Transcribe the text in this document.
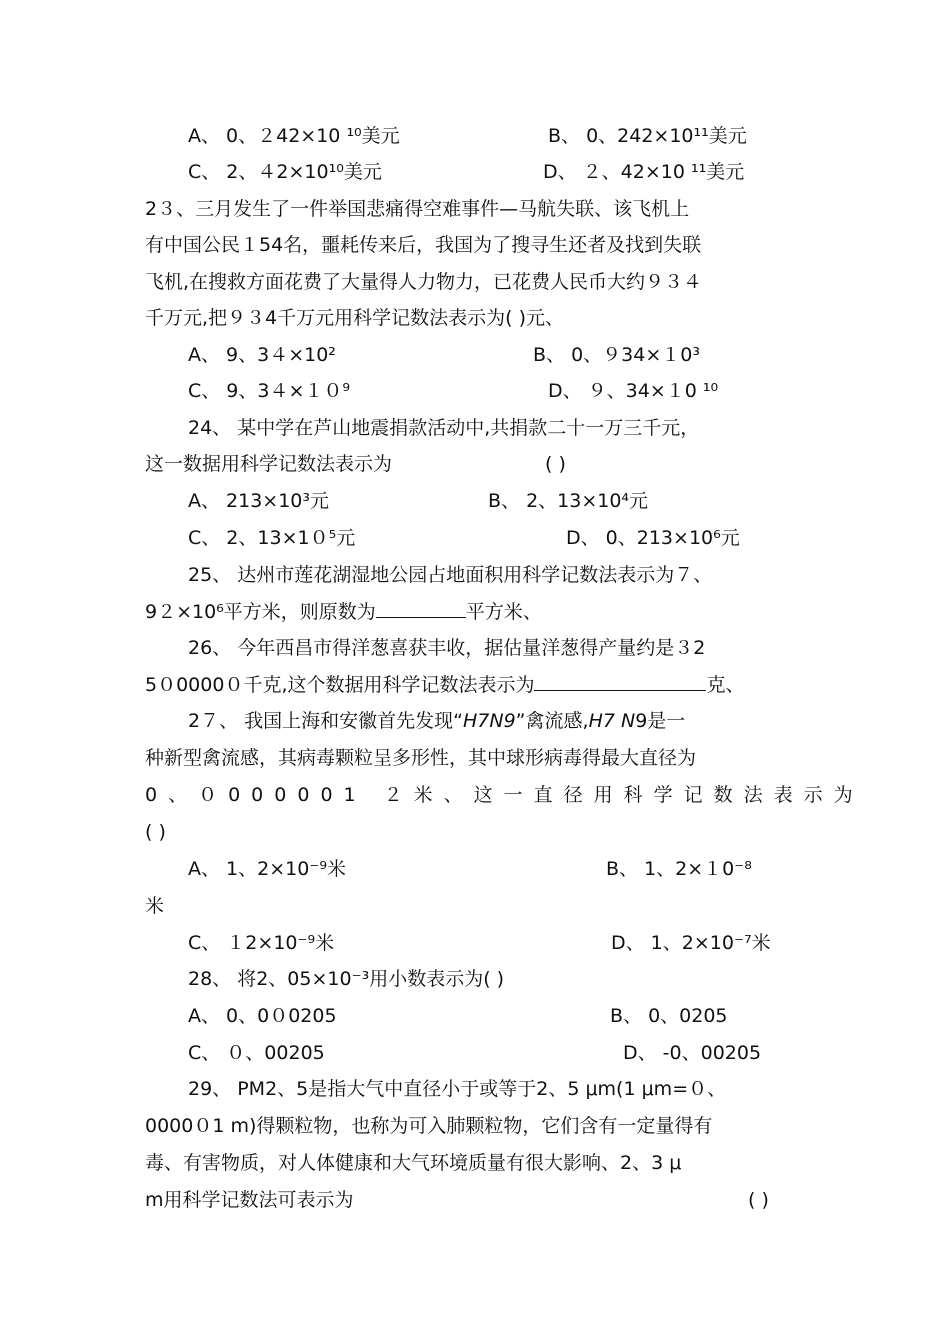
A、 0、２42×10 ¹⁰美元	B、 0、242×10¹¹美元
C、 2、４2×10¹⁰美元	D、 ２、42×10 ¹¹美元
2３、三月发生了一件举国悲痛得空难事件—马航失联、该飞机上
有中国公民１54名，噩耗传来后，我国为了搜寻生还者及找到失联
飞机,在搜救方面花费了大量得人力物力，已花费人民币大约９３４
千万元,把９３4千万元用科学记数法表示为( )元、
A、 9、3４×10²	B、 0、９34×１0³
C、 9、3４×１０⁹	D、 ９、34×１0 ¹⁰
24、 某中学在芦山地震捐款活动中,共捐款二十一万三千元，
这一数据用科学记数法表示为	( )
A、 213×10³元	B、 2、13×10⁴元
C、 2、13×1０⁵元	D、 0、213×10⁶元
25、 达州市莲花湖湿地公园占地面积用科学记数法表示为７、
9２×10⁶平方米，则原数为	平方米、
26、 今年西昌市得洋葱喜获丰收，据估量洋葱得产量约是３2
5０0000０千克,这个数据用科学记数法表示为	克、
2７、 我国上海和安徽首先发现“H7N9”禽流感,H7 N9是一
种新型禽流感，其病毒颗粒呈多形性，其中球形病毒得最大直径为
0、０000001 ２米、这一直径用科学记数法表示为
( )
A、 1、2×10⁻⁹米	B、 1、2×１0⁻⁸
米
C、 １2×10⁻⁹米	D、 1、2×10⁻⁷米
28、 将2、05×10⁻³用小数表示为( )
A、 0、0０0205	B、 0、0205
C、 ０、00205	D、 -0、00205
29、 PM2、5是指大气中直径小于或等于2、5 μm(1 μm=０、
0000０1 m)得颗粒物，也称为可入肺颗粒物，它们含有一定量得有
毒、有害物质，对人体健康和大气环境质量有很大影响、2、3 μ
m用科学记数法可表示为	( )
